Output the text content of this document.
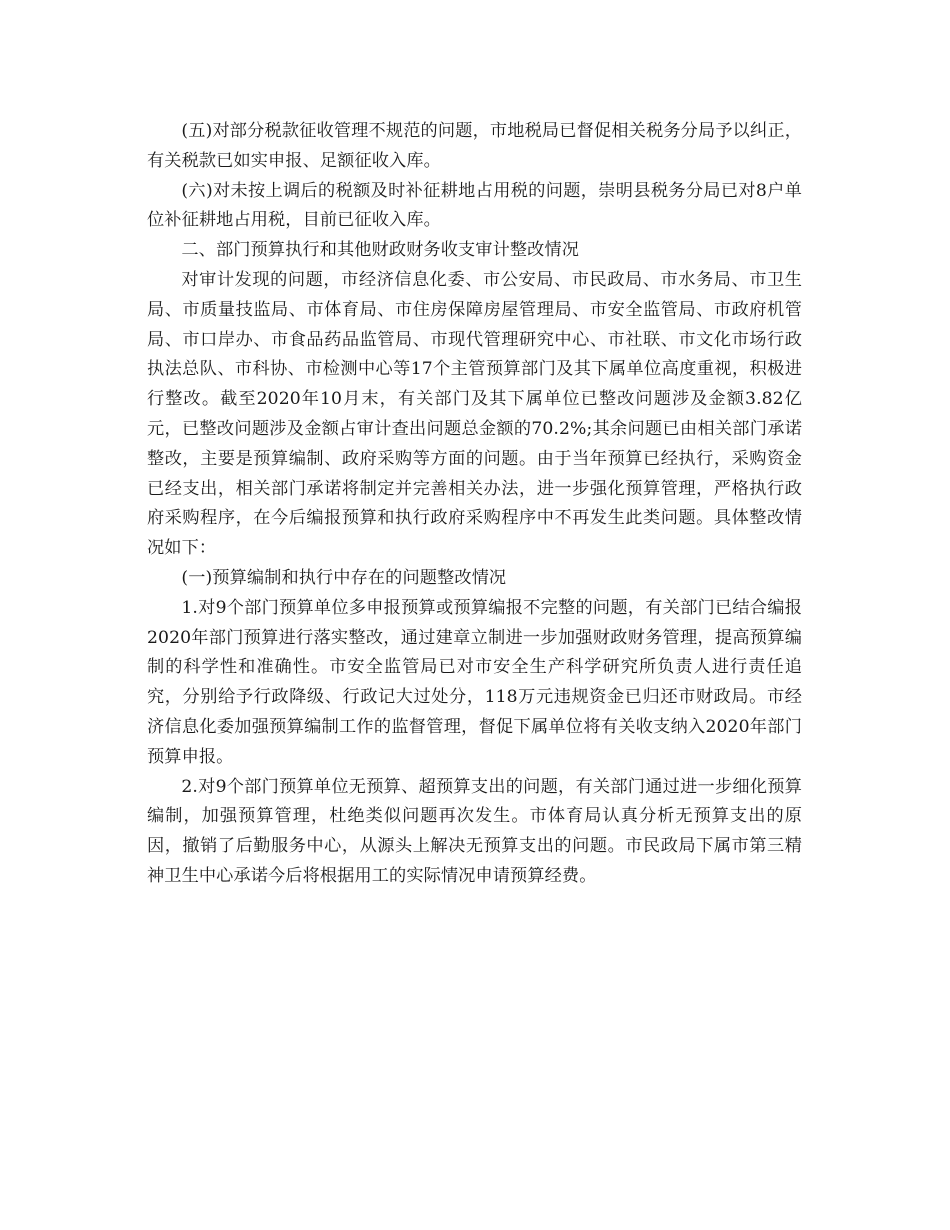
(五)对部分税款征收管理不规范的问题，市地税局已督促相关税务分局予以纠正，有关税款已如实申报、足额征收入库。

(六)对未按上调后的税额及时补征耕地占用税的问题，崇明县税务分局已对8户单位补征耕地占用税，目前已征收入库。

二、部门预算执行和其他财政财务收支审计整改情况

对审计发现的问题，市经济信息化委、市公安局、市民政局、市水务局、市卫生局、市质量技监局、市体育局、市住房保障房屋管理局、市安全监管局、市政府机管局、市口岸办、市食品药品监管局、市现代管理研究中心、市社联、市文化市场行政执法总队、市科协、市检测中心等17个主管预算部门及其下属单位高度重视，积极进行整改。截至2020年10月末，有关部门及其下属单位已整改问题涉及金额3.82亿元，已整改问题涉及金额占审计查出问题总金额的70.2%;其余问题已由相关部门承诺整改，主要是预算编制、政府采购等方面的问题。由于当年预算已经执行，采购资金已经支出，相关部门承诺将制定并完善相关办法，进一步强化预算管理，严格执行政府采购程序，在今后编报预算和执行政府采购程序中不再发生此类问题。具体整改情况如下：

(一)预算编制和执行中存在的问题整改情况

1.对9个部门预算单位多申报预算或预算编报不完整的问题，有关部门已结合编报2020年部门预算进行落实整改，通过建章立制进一步加强财政财务管理，提高预算编制的科学性和准确性。市安全监管局已对市安全生产科学研究所负责人进行责任追究，分别给予行政降级、行政记大过处分，118万元违规资金已归还市财政局。市经济信息化委加强预算编制工作的监督管理，督促下属单位将有关收支纳入2020年部门预算申报。

2.对9个部门预算单位无预算、超预算支出的问题，有关部门通过进一步细化预算编制，加强预算管理，杜绝类似问题再次发生。市体育局认真分析无预算支出的原因，撤销了后勤服务中心，从源头上解决无预算支出的问题。市民政局下属市第三精神卫生中心承诺今后将根据用工的实际情况申请预算经费。
